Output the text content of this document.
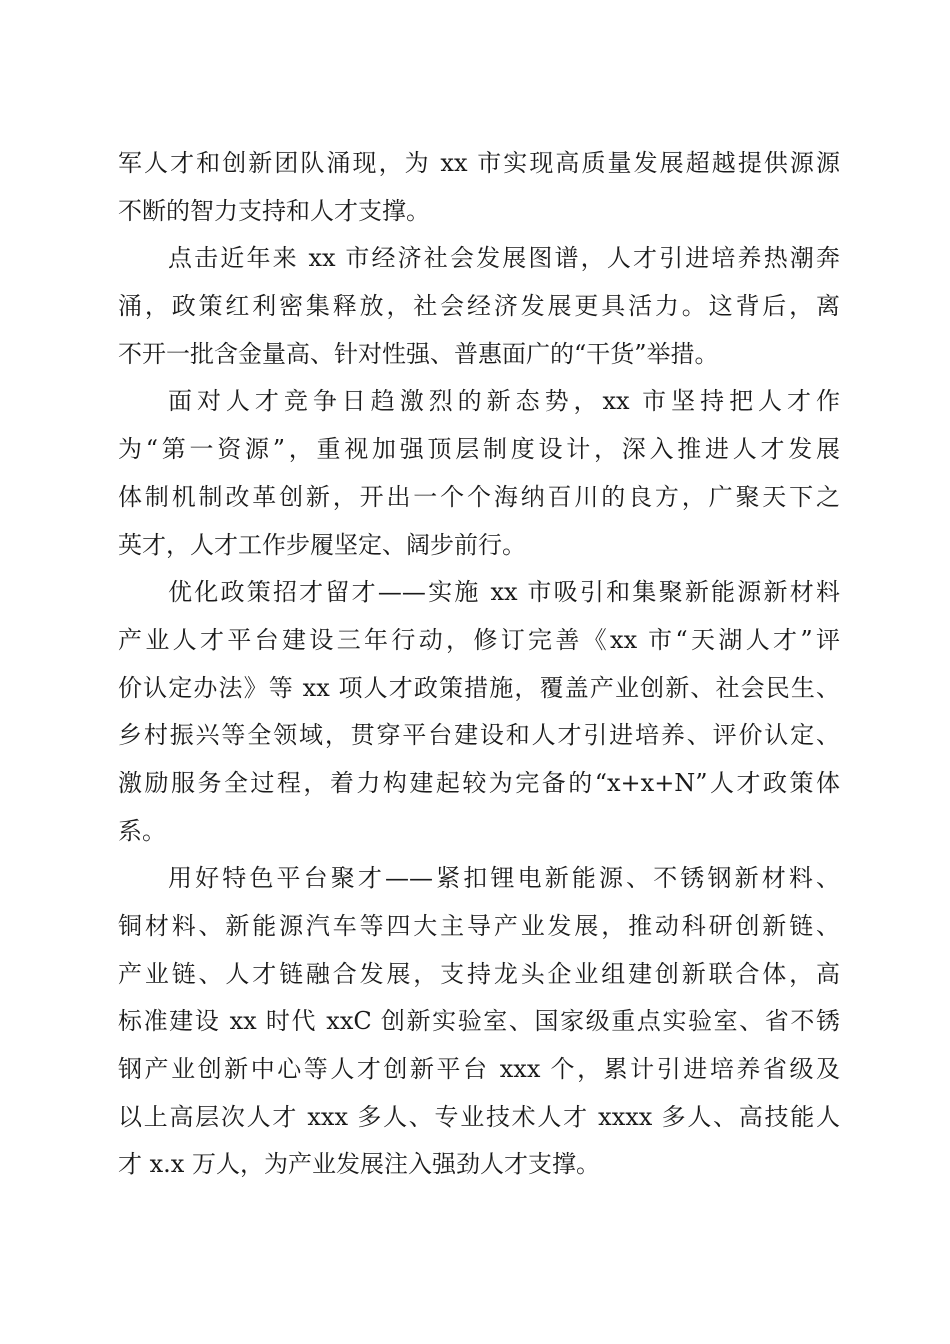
军人才和创新团队涌现，为 xx 市实现高质量发展超越提供源源
不断的智力支持和人才支撑。
点击近年来 xx 市经济社会发展图谱，人才引进培养热潮奔
涌，政策红利密集释放，社会经济发展更具活力。这背后，离
不开一批含金量高、针对性强、普惠面广的“干货”举措。
面对人才竞争日趋激烈的新态势，xx 市坚持把人才作
为“第一资源”，重视加强顶层制度设计，深入推进人才发展
体制机制改革创新，开出一个个海纳百川的良方，广聚天下之
英才，人才工作步履坚定、阔步前行。
优化政策招才留才——实施 xx 市吸引和集聚新能源新材料
产业人才平台建设三年行动，修订完善《xx 市“天湖人才”评
价认定办法》等 xx 项人才政策措施，覆盖产业创新、社会民生、
乡村振兴等全领域，贯穿平台建设和人才引进培养、评价认定、
激励服务全过程，着力构建起较为完备的“x+x+N”人才政策体
系。
用好特色平台聚才——紧扣锂电新能源、不锈钢新材料、
铜材料、新能源汽车等四大主导产业发展，推动科研创新链、
产业链、人才链融合发展，支持龙头企业组建创新联合体，高
标准建设 xx 时代 xxC 创新实验室、国家级重点实验室、省不锈
钢产业创新中心等人才创新平台 xxx 个，累计引进培养省级及
以上高层次人才 xxx 多人、专业技术人才 xxxx 多人、高技能人
才 x.x 万人，为产业发展注入强劲人才支撑。
